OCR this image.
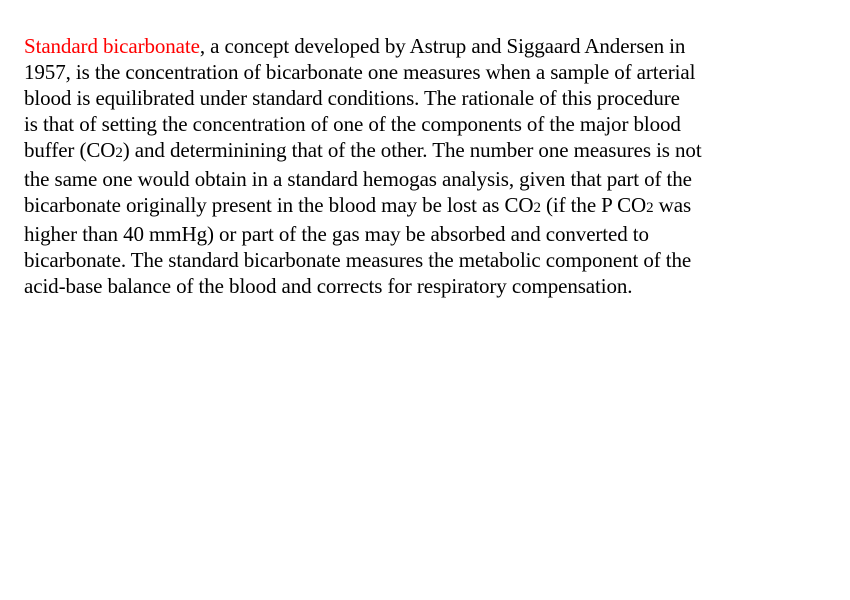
Standard bicarbonate, a concept developed by Astrup and Siggaard Andersen in
1957, is the concentration of bicarbonate one measures when a sample of arterial
blood is equilibrated under standard conditions. The rationale of this procedure
is that of setting the concentration of one of the components of the major blood
buffer (CO2) and determinining that of the other. The number one measures is not
the same one would obtain in a standard hemogas analysis, given that part of the
bicarbonate originally present in the blood may be lost as CO2 (if the P CO2 was
higher than 40 mmHg) or part of the gas may be absorbed and converted to
bicarbonate. The standard bicarbonate measures the metabolic component of the
acid-base balance of the blood and corrects for respiratory compensation.
